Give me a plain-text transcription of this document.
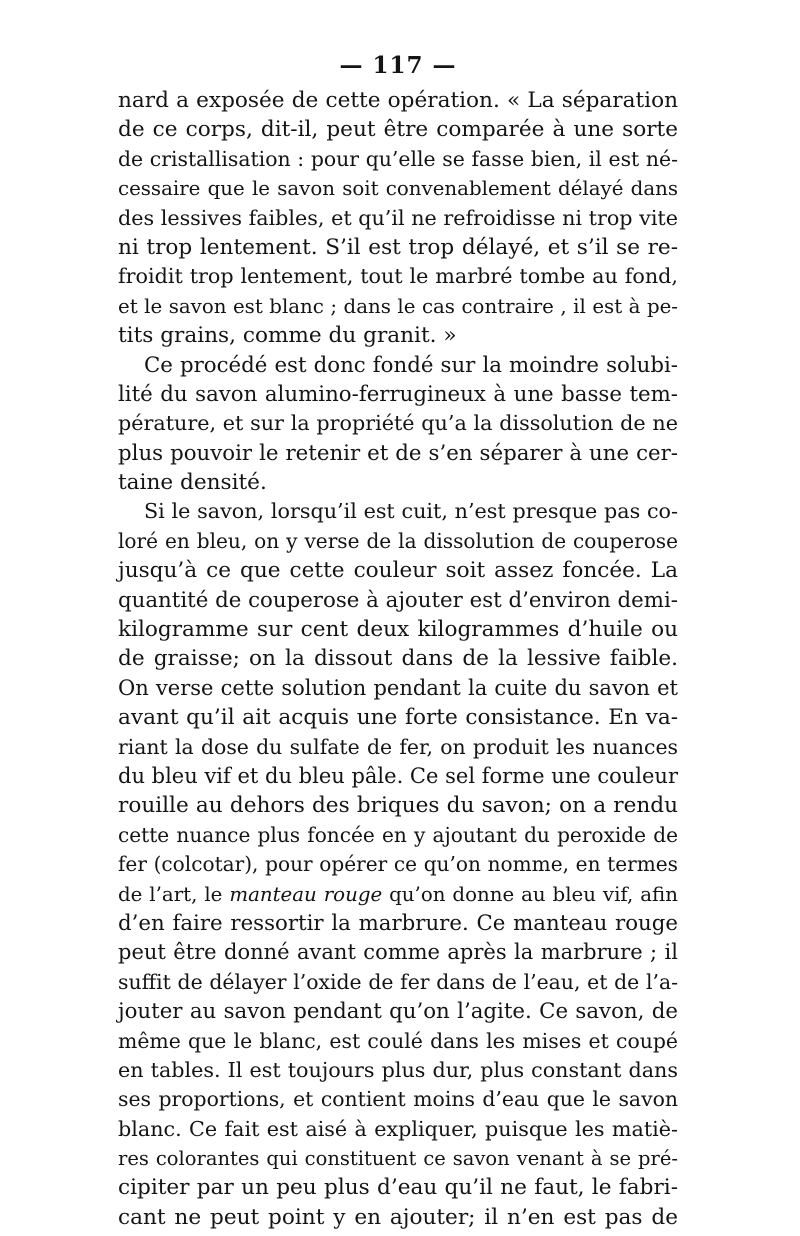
— 117 —
nard a exposée de cette opération. « La séparation
de ce corps, dit-il, peut être comparée à une sorte
de cristallisation : pour qu’elle se fasse bien, il est né-
cessaire que le savon soit convenablement délayé dans
des lessives faibles, et qu’il ne refroidisse ni trop vite
ni trop lentement. S’il est trop délayé, et s’il se re-
froidit trop lentement, tout le marbré tombe au fond,
et le savon est blanc ; dans le cas contraire , il est à pe-
tits grains, comme du granit. »
Ce procédé est donc fondé sur la moindre solubi-
lité du savon alumino-ferrugineux à une basse tem-
pérature, et sur la propriété qu’a la dissolution de ne
plus pouvoir le retenir et de s’en séparer à une cer-
taine densité.
Si le savon, lorsqu’il est cuit, n’est presque pas co-
loré en bleu, on y verse de la dissolution de couperose
jusqu’à ce que cette couleur soit assez foncée. La
quantité de couperose à ajouter est d’environ demi-
kilogramme sur cent deux kilogrammes d’huile ou
de graisse; on la dissout dans de la lessive faible.
On verse cette solution pendant la cuite du savon et
avant qu’il ait acquis une forte consistance. En va-
riant la dose du sulfate de fer, on produit les nuances
du bleu vif et du bleu pâle. Ce sel forme une couleur
rouille au dehors des briques du savon; on a rendu
cette nuance plus foncée en y ajoutant du peroxide de
fer (colcotar), pour opérer ce qu’on nomme, en termes
de l’art, le manteau rouge qu’on donne au bleu vif, afin
d’en faire ressortir la marbrure. Ce manteau rouge
peut être donné avant comme après la marbrure ; il
suffit de délayer l’oxide de fer dans de l’eau, et de l’a-
jouter au savon pendant qu’on l’agite. Ce savon, de
même que le blanc, est coulé dans les mises et coupé
en tables. Il est toujours plus dur, plus constant dans
ses proportions, et contient moins d’eau que le savon
blanc. Ce fait est aisé à expliquer, puisque les matiè-
res colorantes qui constituent ce savon venant à se pré-
cipiter par un peu plus d’eau qu’il ne faut, le fabri-
cant ne peut point y en ajouter; il n’en est pas de
